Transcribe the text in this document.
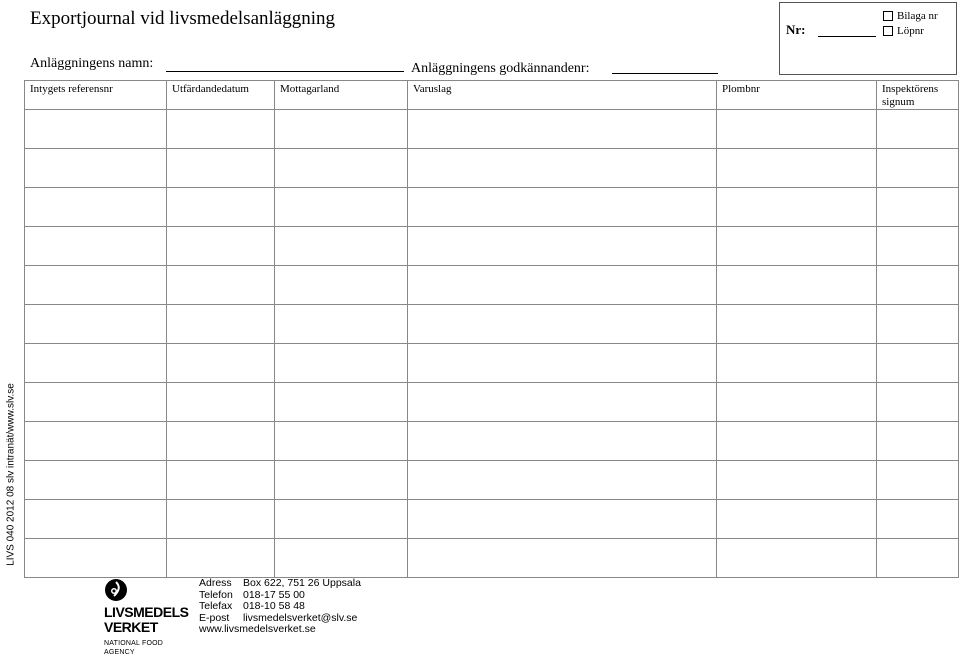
Exportjournal vid livsmedelsanläggning
Nr:
Bilaga nr
Löpnr
Anläggningens namn:	Anläggningens godkännandenr:
Intygets referensnr	Utfärdandedatum	Mottagarland	Varuslag	Plombnr	Inspektörens signum

LIVS 040 2012 08 slv intranät/www.slv.se
LIVSMEDELS
VERKET
NATIONAL FOOD
AGENCY
Adress Box 622, 751 26 Uppsala
Telefon 018-17 55 00
Telefax 018-10 58 48
E-post livsmedelsverket@slv.se
www.livsmedelsverket.se
